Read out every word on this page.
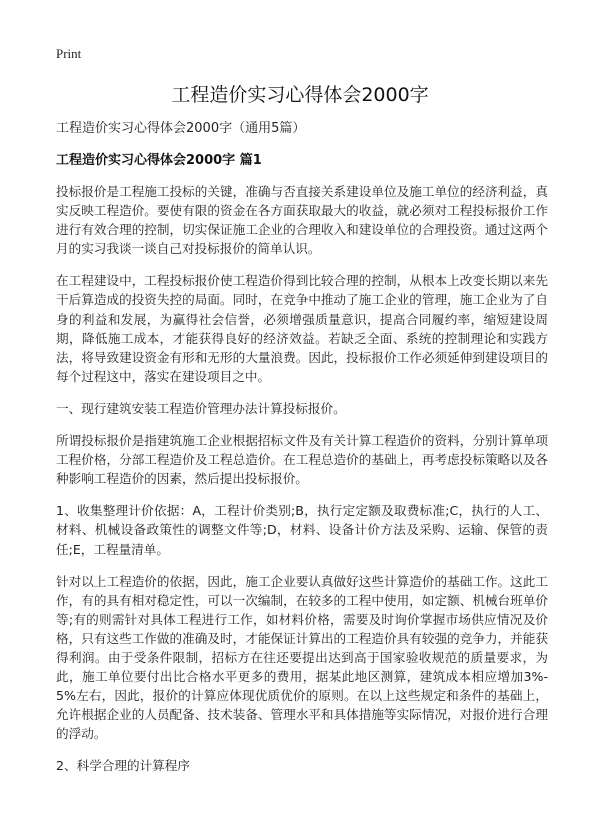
Print
工程造价实习心得体会2000字

工程造价实习心得体会2000字（通用5篇）

工程造价实习心得体会2000字 篇1

投标报价是工程施工投标的关键，准确与否直接关系建设单位及施工单位的经济利益，真实反映工程造价。要使有限的资金在各方面获取最大的收益，就必须对工程投标报价工作进行有效合理的控制，切实保证施工企业的合理收入和建设单位的合理投资。通过这两个月的实习我谈一谈自己对投标报价的简单认识。

在工程建设中，工程投标报价使工程造价得到比较合理的控制，从根本上改变长期以来先干后算造成的投资失控的局面。同时，在竞争中推动了施工企业的管理，施工企业为了自身的利益和发展，为赢得社会信誉，必须增强质量意识，提高合同履约率，缩短建设周期，降低施工成本，才能获得良好的经济效益。若缺乏全面、系统的控制理论和实践方法，将导致建设资金有形和无形的大量浪费。因此，投标报价工作必须延伸到建设项目的每个过程这中，落实在建设项目之中。

一、现行建筑安装工程造价管理办法计算投标报价。

所谓投标报价是指建筑施工企业根据招标文件及有关计算工程造价的资料，分别计算单项工程价格，分部工程造价及工程总造价。在工程总造价的基础上，再考虑投标策略以及各种影响工程造价的因素，然后提出投标报价。

1、收集整理计价依据：A，工程计价类别;B，执行定定额及取费标准;C，执行的人工、材料、机械设备政策性的调整文件等;D，材料、设备计价方法及采购、运输、保管的责任;E，工程量清单。

针对以上工程造价的依据，因此，施工企业要认真做好这些计算造价的基础工作。这此工作，有的具有相对稳定性，可以一次编制，在较多的工程中使用，如定额、机械台班单价等;有的则需针对具体工程进行工作，如材料价格，需要及时询价掌握市场供应情况及价格，只有这些工作做的准确及时，才能保证计算出的工程造价具有较强的竞争力，并能获得利润。由于受条件限制，招标方在往还要提出达到高于国家验收规范的质量要求，为此，施工单位要付出比合格水平更多的费用，据某此地区测算，建筑成本相应增加3%-5%左右，因此，报价的计算应体现优质优价的原则。在以上这些规定和条件的基础上，允许根据企业的人员配备、技术装备、管理水平和具体措施等实际情况，对报价进行合理的浮动。

2、科学合理的计算程序
